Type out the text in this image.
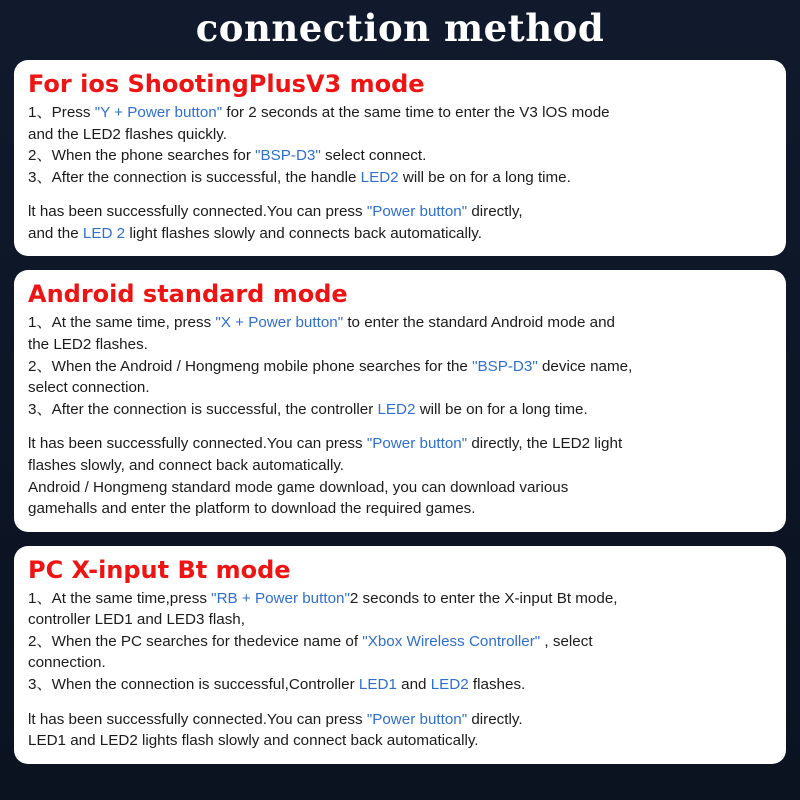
connection method
For ios ShootingPlusV3 mode

1、Press "Y + Power button" for 2 seconds at the same time to enter the V3 lOS mode

and the LED2 flashes quickly.

2、When the phone searches for "BSP-D3" select connect.

3、After the connection is successful, the handle LED2 will be on for a long time.

lt has been successfully connected.You can press "Power button" directly,

and the LED 2 light flashes slowly and connects back automatically.

Android standard mode

1、At the same time, press "X + Power button" to enter the standard Android mode and

the LED2 flashes.

2、When the Android / Hongmeng mobile phone searches for the "BSP-D3" device name,

select connection.

3、After the connection is successful, the controller LED2 will be on for a long time.

lt has been successfully connected.You can press "Power button" directly, the LED2 light

flashes slowly, and connect back automatically.

Android / Hongmeng standard mode game download, you can download various

gamehalls and enter the platform to download the required games.

PC X-input Bt mode

1、At the same time,press "RB + Power button"2 seconds to enter the X-input Bt mode,

controller LED1 and LED3 flash,

2、When the PC searches for thedevice name of "Xbox Wireless Controller" , select

connection.

3、When the connection is successful,Controller LED1 and LED2 flashes.

lt has been successfully connected.You can press "Power button" directly.

LED1 and LED2 lights flash slowly and connect back automatically.
